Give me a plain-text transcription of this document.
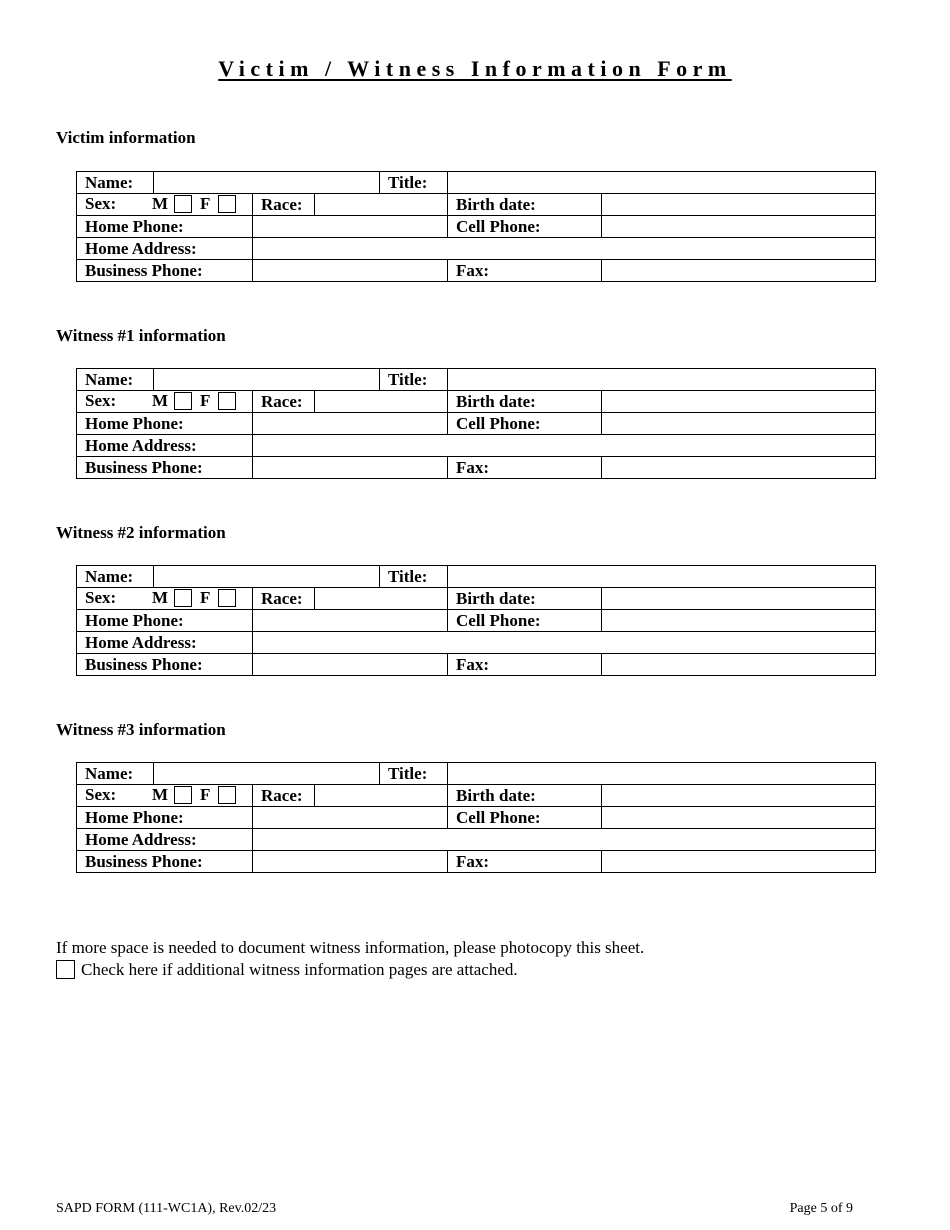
Victim / Witness Information Form
Victim information
Name:				Title:		

Sex: M F		Race:			Birth date:	
Home Phone:					Cell Phone:	
Home Address:						
Business Phone:					Fax:	
Witness #1 information
Name:				Title:		

Sex: M F		Race:			Birth date:	
Home Phone:					Cell Phone:	
Home Address:						
Business Phone:					Fax:	
Witness #2 information
Name:				Title:		

Sex: M F		Race:			Birth date:	
Home Phone:					Cell Phone:	
Home Address:						
Business Phone:					Fax:	
Witness #3 information
Name:				Title:		

Sex: M F		Race:			Birth date:	
Home Phone:					Cell Phone:	
Home Address:						
Business Phone:					Fax:	
If more space is needed to document witness information, please photocopy this sheet.
Check here if additional witness information pages are attached.
SAPD FORM (111-WC1A), Rev.02/23	Page 5 of 9
